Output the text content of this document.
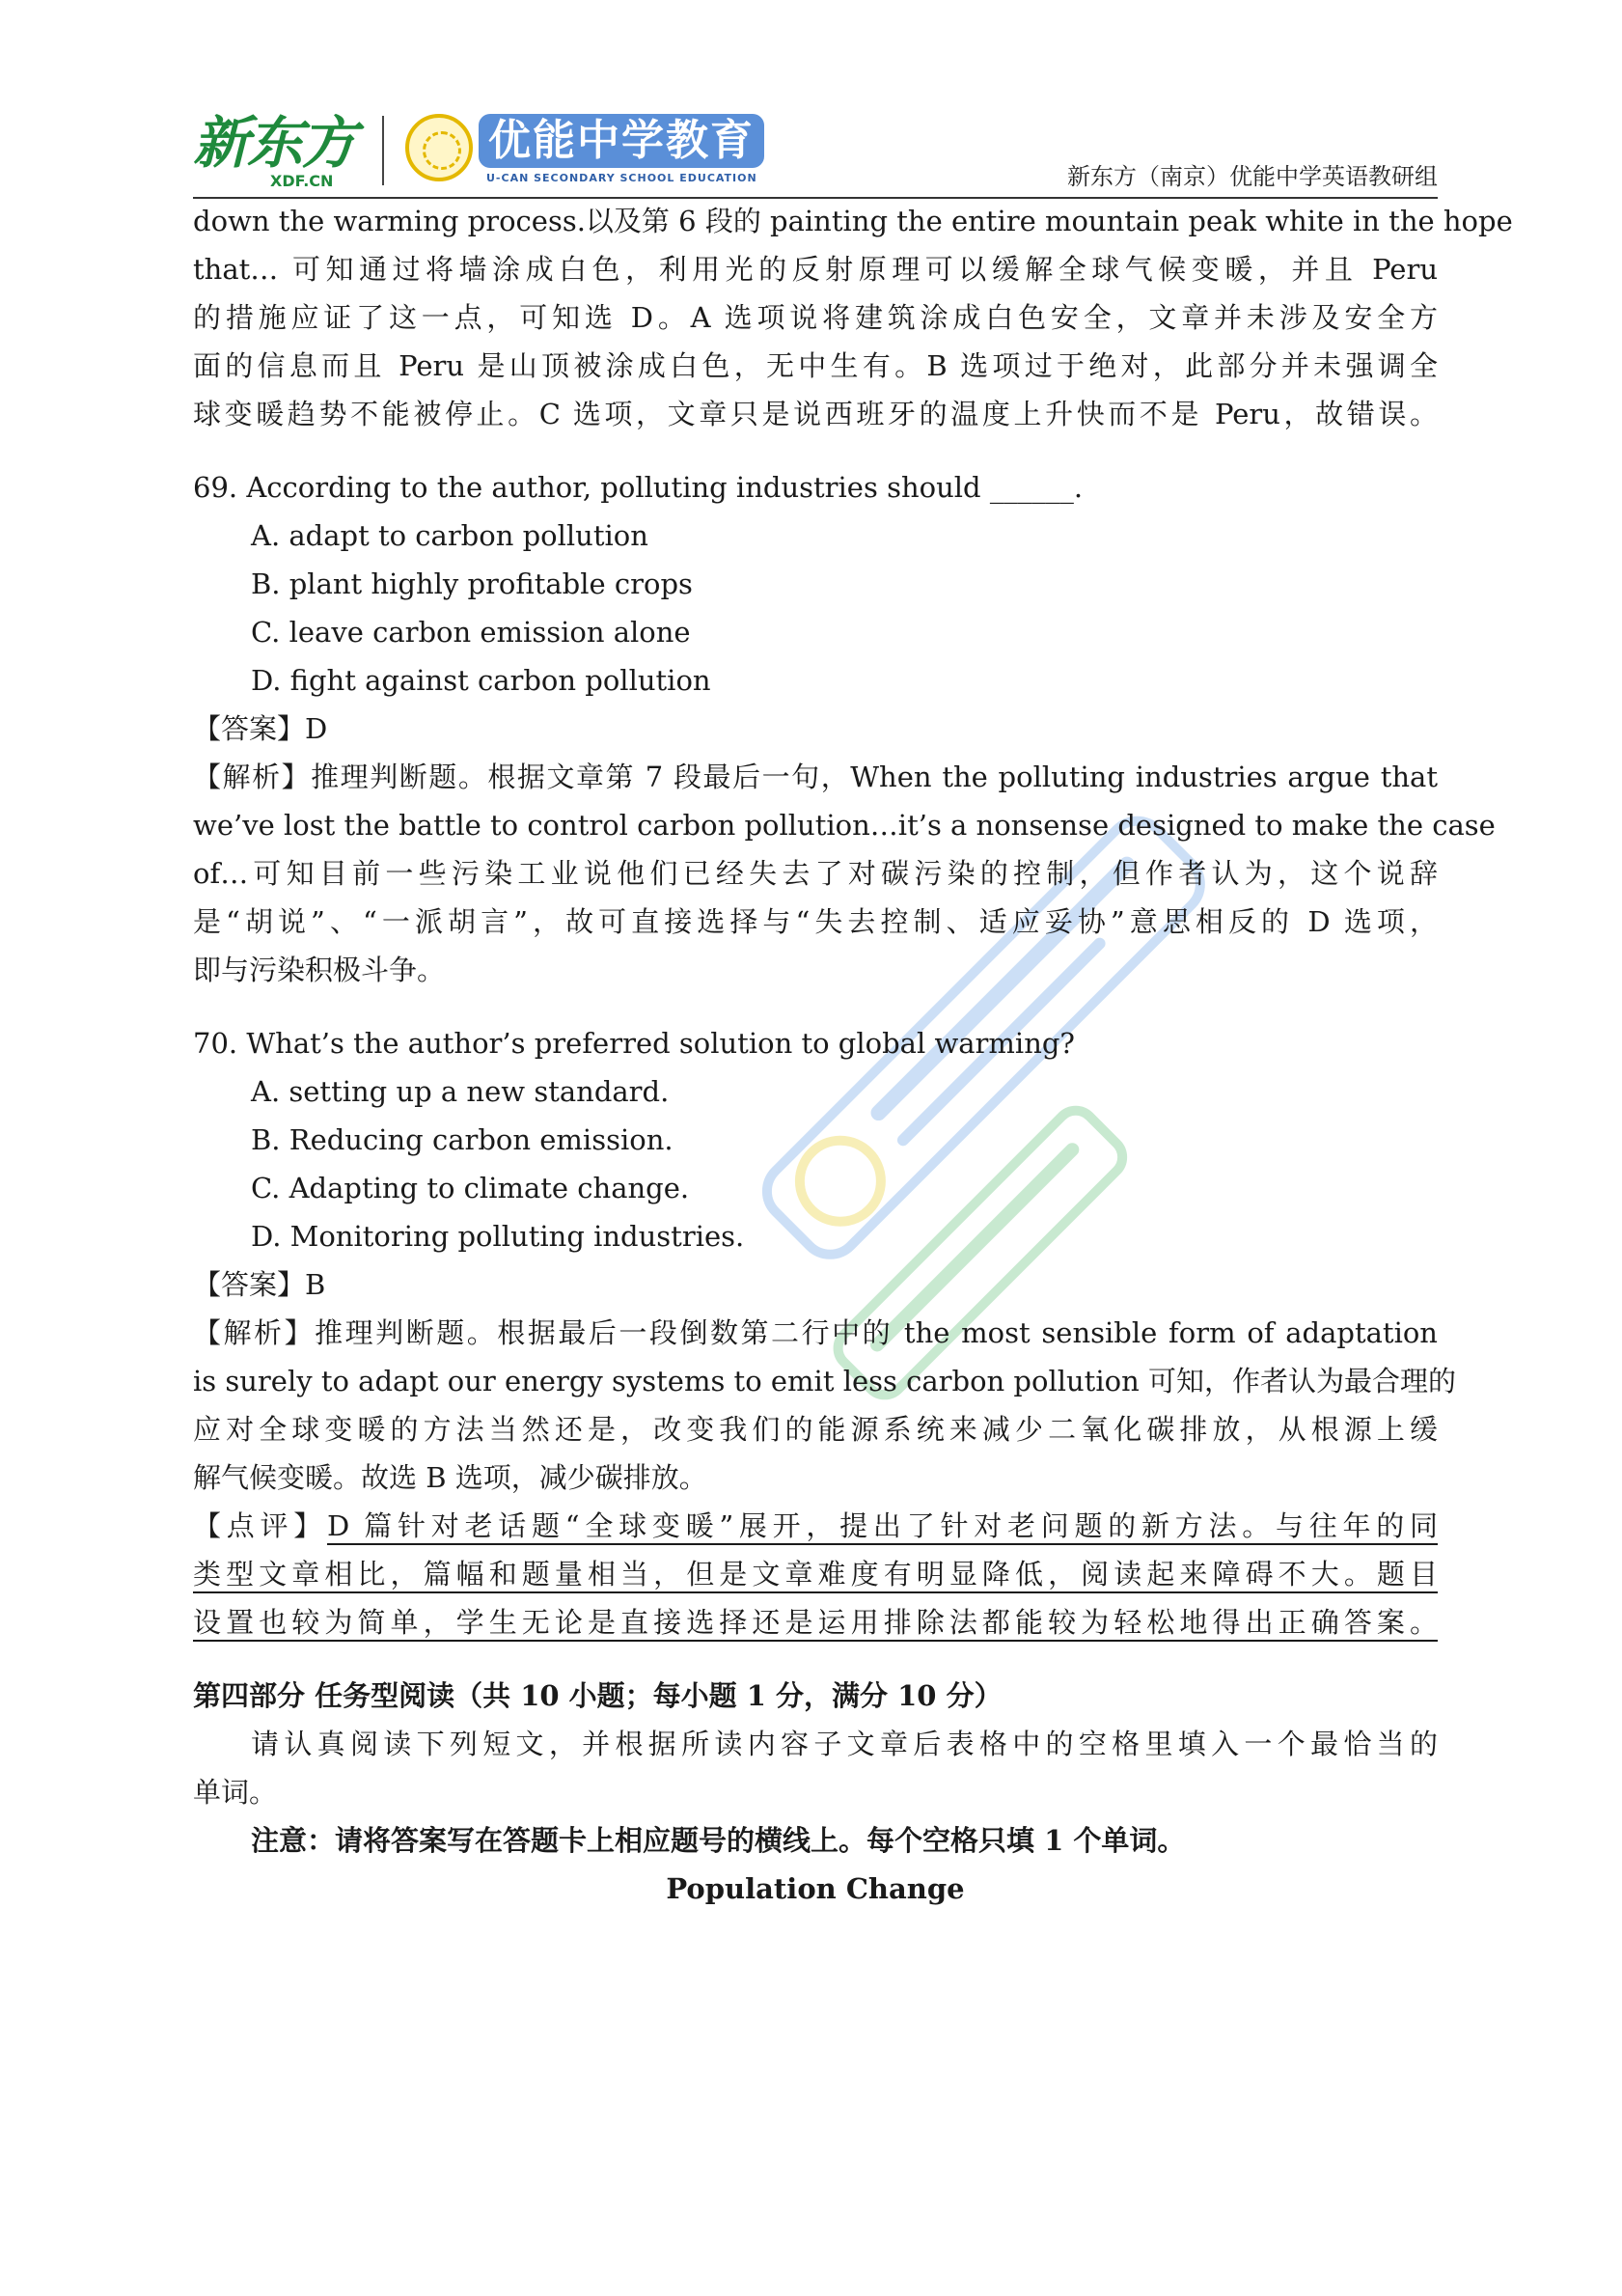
新东方
XDF.CN
优能中学教育
U-CAN SECONDARY SCHOOL EDUCATION	新东方（南京）优能中学英语教研组
down the warming process.以及第 6 段的 painting the entire mountain peak white in the hope
that… 可知通过将墙涂成白色，利用光的反射原理可以缓解全球气候变暖，并且 Peru
的措施应证了这一点，可知选 D。A 选项说将建筑涂成白色安全，文章并未涉及安全方
面的信息而且 Peru 是山顶被涂成白色，无中生有。B 选项过于绝对，此部分并未强调全
球变暖趋势不能被停止。C 选项，文章只是说西班牙的温度上升快而不是 Peru，故错误。
69. According to the author, polluting industries should ______.
A. adapt to carbon pollution
B. plant highly profitable crops
C. leave carbon emission alone
D. fight against carbon pollution
【答案】D
【解析】推理判断题。根据文章第 7 段最后一句，When the polluting industries argue that
we’ve lost the battle to control carbon pollution…it’s a nonsense designed to make the case
of…可知目前一些污染工业说他们已经失去了对碳污染的控制，但作者认为，这个说辞
是“胡说”、“一派胡言”，故可直接选择与“失去控制、适应妥协”意思相反的 D 选项，
即与污染积极斗争。
70. What’s the author’s preferred solution to global warming?
A. setting up a new standard.
B. Reducing carbon emission.
C. Adapting to climate change.
D. Monitoring polluting industries.
【答案】B
【解析】推理判断题。根据最后一段倒数第二行中的 the most sensible form of adaptation
is surely to adapt our energy systems to emit less carbon pollution 可知，作者认为最合理的
应对全球变暖的方法当然还是，改变我们的能源系统来减少二氧化碳排放，从根源上缓
解气候变暖。故选 B 选项，减少碳排放。
【点评】D 篇针对老话题“全球变暖”展开，提出了针对老问题的新方法。与往年的同
类型文章相比，篇幅和题量相当，但是文章难度有明显降低，阅读起来障碍不大。题目
设置也较为简单，学生无论是直接选择还是运用排除法都能较为轻松地得出正确答案。
第四部分 任务型阅读（共 10 小题；每小题 1 分，满分 10 分）
请认真阅读下列短文，并根据所读内容子文章后表格中的空格里填入一个最恰当的
单词。
注意：请将答案写在答题卡上相应题号的横线上。每个空格只填 1 个单词。
Population Change
